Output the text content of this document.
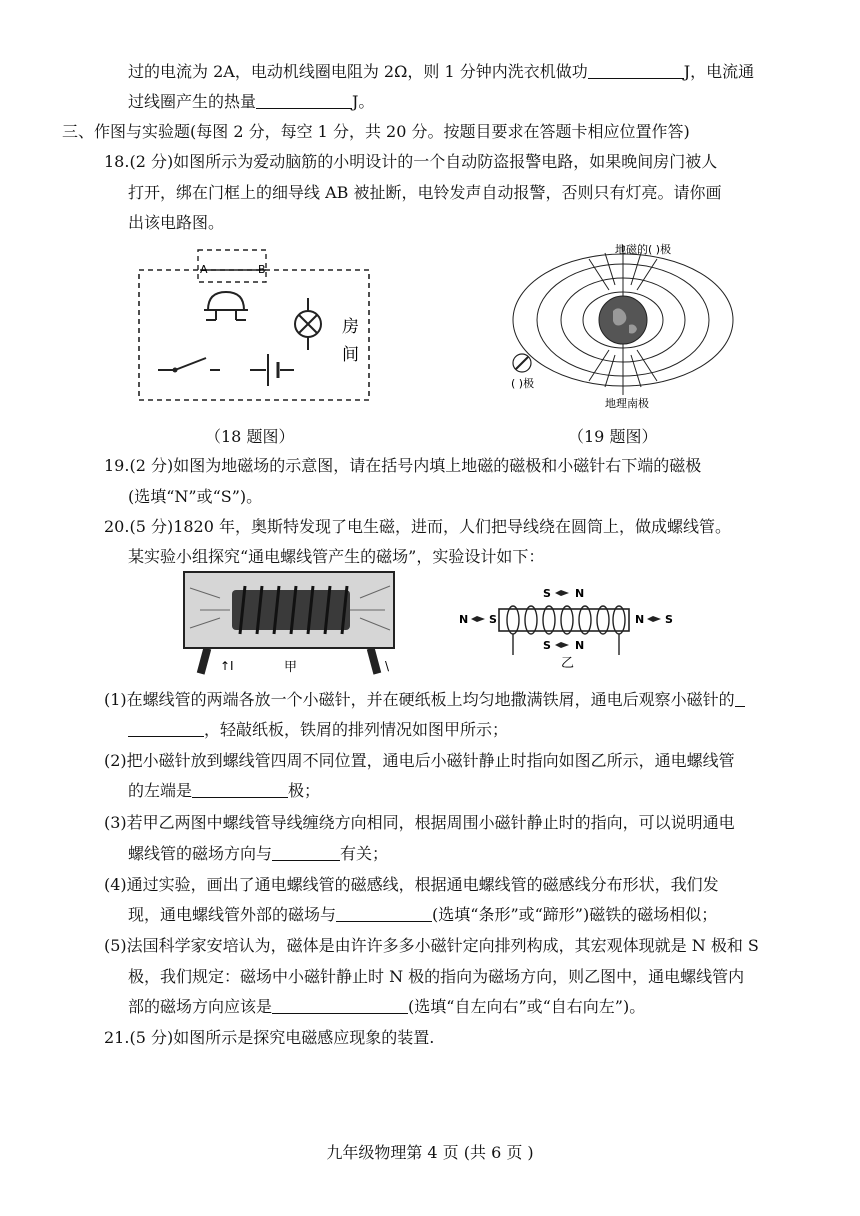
过的电流为 2A，电动机线圈电阻为 2Ω，则 1 分钟内洗衣机做功	J，电流通
过线圈产生的热量	J。
三、作图与实验题(每图 2 分，每空 1 分，共 20 分。按题目要求在答题卡相应位置作答)
18.(2 分)如图所示为爱动脑筋的小明设计的一个自动防盗报警电路，如果晚间房门被人
打开，绑在门框上的细导线 AB 被扯断，电铃发声自动报警，否则只有灯亮。请你画
出该电路图。
A	B
房
间
（18 题图）
地磁的( )极
( )极
地理南极
（19 题图）
19.(2 分)如图为地磁场的示意图，请在括号内填上地磁的磁极和小磁针右下端的磁极
(选填“N”或“S”)。
20.(5 分)1820 年，奥斯特发现了电生磁，进而，人们把导线绕在圆筒上，做成螺线管。
某实验小组探究“通电螺线管产生的磁场”，实验设计如下：
↑I	\
甲
N S
S N
S N
N S
乙
(1)在螺线管的两端各放一个小磁针，并在硬纸板上均匀地撒满铁屑，通电后观察小磁针的
，轻敲纸板，铁屑的排列情况如图甲所示；
(2)把小磁针放到螺线管四周不同位置，通电后小磁针静止时指向如图乙所示，通电螺线管
的左端是	极；
(3)若甲乙两图中螺线管导线缠绕方向相同，根据周围小磁针静止时的指向，可以说明通电
螺线管的磁场方向与	有关；
(4)通过实验，画出了通电螺线管的磁感线，根据通电螺线管的磁感线分布形状，我们发
现，通电螺线管外部的磁场与	(选填“条形”或“蹄形”)磁铁的磁场相似；
(5)法国科学家安培认为，磁体是由许许多多小磁针定向排列构成，其宏观体现就是 N 极和 S
极，我们规定：磁场中小磁针静止时 N 极的指向为磁场方向，则乙图中，通电螺线管内
部的磁场方向应该是	(选填“自左向右”或“自右向左”)。
21.(5 分)如图所示是探究电磁感应现象的装置.
九年级物理第 4 页 (共 6 页 )
